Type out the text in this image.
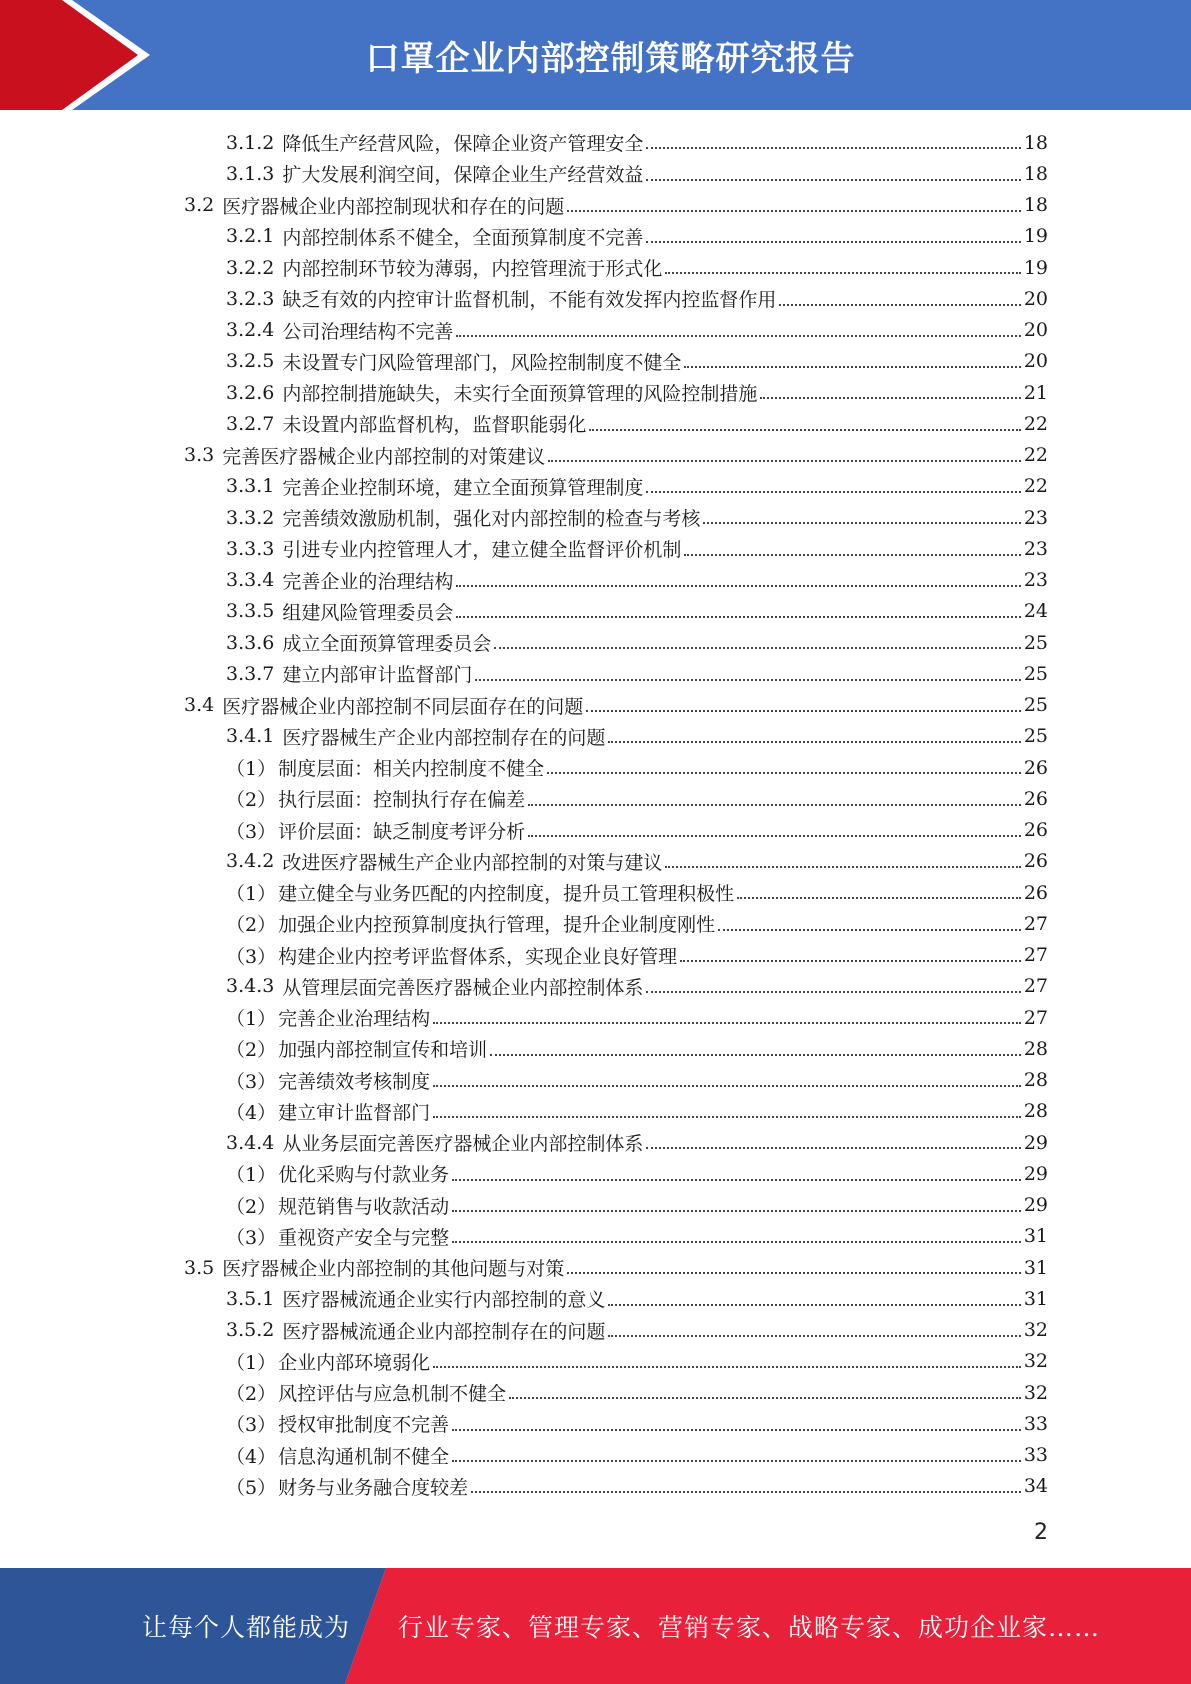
口罩企业内部控制策略研究报告
3.1.2 降低生产经营风险，保障企业资产管理安全	18
3.1.3 扩大发展利润空间，保障企业生产经营效益	18
3.2 医疗器械企业内部控制现状和存在的问题	18
3.2.1 内部控制体系不健全，全面预算制度不完善	19
3.2.2 内部控制环节较为薄弱，内控管理流于形式化	19
3.2.3 缺乏有效的内控审计监督机制，不能有效发挥内控监督作用	20
3.2.4 公司治理结构不完善	20
3.2.5 未设置专门风险管理部门，风险控制制度不健全	20
3.2.6 内部控制措施缺失，未实行全面预算管理的风险控制措施	21
3.2.7 未设置内部监督机构，监督职能弱化	22
3.3 完善医疗器械企业内部控制的对策建议	22
3.3.1 完善企业控制环境，建立全面预算管理制度	22
3.3.2 完善绩效激励机制，强化对内部控制的检查与考核	23
3.3.3 引进专业内控管理人才，建立健全监督评价机制	23
3.3.4 完善企业的治理结构	23
3.3.5 组建风险管理委员会	24
3.3.6 成立全面预算管理委员会	25
3.3.7 建立内部审计监督部门	25
3.4 医疗器械企业内部控制不同层面存在的问题	25
3.4.1 医疗器械生产企业内部控制存在的问题	25
（1） 制度层面：相关内控制度不健全	26
（2） 执行层面：控制执行存在偏差	26
（3） 评价层面：缺乏制度考评分析	26
3.4.2 改进医疗器械生产企业内部控制的对策与建议	26
（1） 建立健全与业务匹配的内控制度，提升员工管理积极性	26
（2） 加强企业内控预算制度执行管理，提升企业制度刚性	27
（3） 构建企业内控考评监督体系，实现企业良好管理	27
3.4.3 从管理层面完善医疗器械企业内部控制体系	27
（1） 完善企业治理结构	27
（2） 加强内部控制宣传和培训	28
（3） 完善绩效考核制度	28
（4） 建立审计监督部门	28
3.4.4 从业务层面完善医疗器械企业内部控制体系	29
（1） 优化采购与付款业务	29
（2） 规范销售与收款活动	29
（3） 重视资产安全与完整	31
3.5 医疗器械企业内部控制的其他问题与对策	31
3.5.1 医疗器械流通企业实行内部控制的意义	31
3.5.2 医疗器械流通企业内部控制存在的问题	32
（1） 企业内部环境弱化	32
（2） 风控评估与应急机制不健全	32
（3） 授权审批制度不完善	33
（4） 信息沟通机制不健全	33
（5） 财务与业务融合度较差	34
2
让每个人都能成为 行业专家、管理专家、营销专家、战略专家、成功企业家……
